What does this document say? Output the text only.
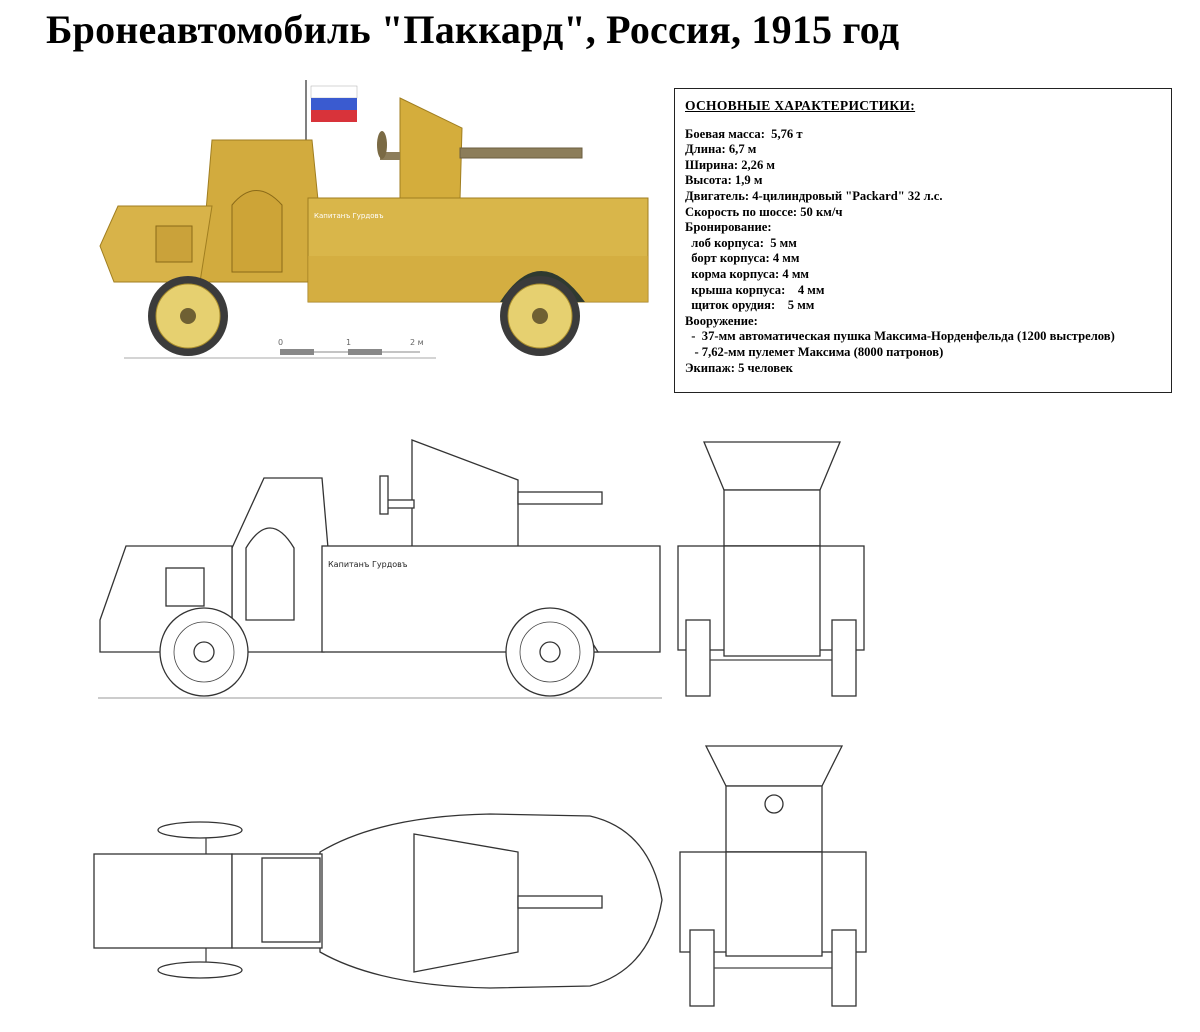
Бронеавтомобиль "Паккард", Россия, 1915 год
ОСНОВНЫЕ ХАРАКТЕРИСТИКИ:
Боевая масса:  5,76 т
Длина: 6,7 м
Ширина: 2,26 м
Высота: 1,9 м
Двигатель: 4-цилиндровый "Packard" 32 л.с.
Скорость по шоссе: 50 км/ч
Бронирование:
лоб корпуса:  5 мм
борт корпуса: 4 мм
корма корпуса: 4 мм
крыша корпуса:    4 мм
щиток орудия:    5 мм
Вооружение:
-  37-мм автоматическая пушка Максима-Норденфельда (1200 выстрелов)
- 7,62-мм пулемет Максима (8000 патронов)
Экипаж: 5 человек
Капитанъ Гурдовъ
Капитанъ Гурдовъ
0	1	2 м
